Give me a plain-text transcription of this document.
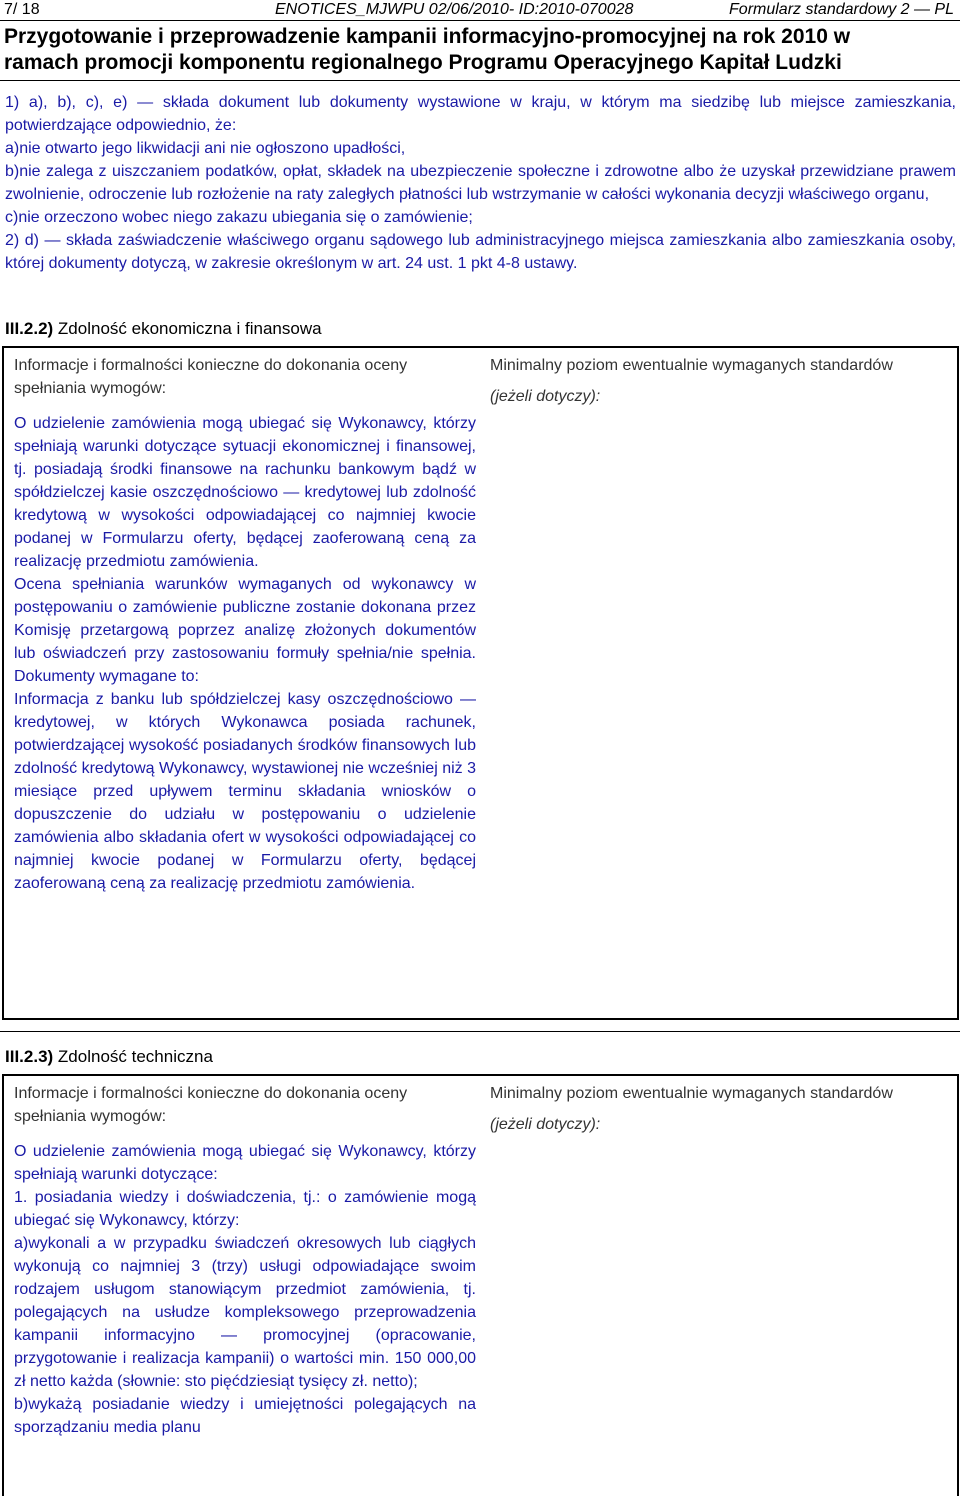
7/ 18	ENOTICES_MJWPU 02/06/2010- ID:2010-070028	Formularz standardowy 2 — PL
Przygotowanie i przeprowadzenie kampanii informacyjno-promocyjnej na rok 2010 w
ramach promocji komponentu regionalnego Programu Operacyjnego Kapitał Ludzki

1) a), b), c), e) — składa dokument lub dokumenty wystawione w kraju, w którym ma siedzibę lub miejsce zamieszkania, potwierdzające odpowiednio, że:

a)nie otwarto jego likwidacji ani nie ogłoszono upadłości,

b)nie zalega z uiszczaniem podatków, opłat, składek na ubezpieczenie społeczne i zdrowotne albo że uzyskał przewidziane prawem zwolnienie, odroczenie lub rozłożenie na raty zaległych płatności lub wstrzymanie w całości wykonania decyzji właściwego organu,

c)nie orzeczono wobec niego zakazu ubiegania się o zamówienie;

2) d) — składa zaświadczenie właściwego organu sądowego lub administracyjnego miejsca zamieszkania albo zamieszkania osoby, której dokumenty dotyczą, w zakresie określonym w art. 24 ust. 1 pkt 4-8 ustawy.

III.2.2) Zdolność ekonomiczna i finansowa

Informacje i formalności konieczne do dokonania oceny spełniania wymogów:

O udzielenie zamówienia mogą ubiegać się Wykonawcy, którzy spełniają warunki dotyczące sytuacji ekonomicznej i finansowej, tj. posiadają środki finansowe na rachunku bankowym bądź w spółdzielczej kasie oszczędnościowo — kredytowej lub zdolność kredytową w wysokości odpowiadającej co najmniej kwocie podanej w Formularzu oferty, będącej zaoferowaną ceną za realizację przedmiotu zamówienia.

Ocena spełniania warunków wymaganych od wykonawcy w postępowaniu o zamówienie publiczne zostanie dokonana przez Komisję przetargową poprzez analizę złożonych dokumentów lub oświadczeń przy zastosowaniu formuły spełnia/nie spełnia. Dokumenty wymagane to:

Informacja z banku lub spółdzielczej kasy oszczędnościowo — kredytowej, w których Wykonawca posiada rachunek, potwierdzającej wysokość posiadanych środków finansowych lub zdolność kredytową Wykonawcy, wystawionej nie wcześniej niż 3 miesiące przed upływem terminu składania wniosków o dopuszczenie do udziału w postępowaniu o udzielenie zamówienia albo składania ofert w wysokości odpowiadającej co najmniej kwocie podanej w Formularzu oferty, będącej zaoferowaną ceną za realizację przedmiotu zamówienia.

Minimalny poziom ewentualnie wymaganych standardów

(jeżeli dotyczy):

III.2.3) Zdolność techniczna

Informacje i formalności konieczne do dokonania oceny spełniania wymogów:

O udzielenie zamówienia mogą ubiegać się Wykonawcy, którzy spełniają warunki dotyczące:

1. posiadania wiedzy i doświadczenia, tj.: o zamówienie mogą ubiegać się Wykonawcy, którzy:

a)wykonali a w przypadku świadczeń okresowych lub ciągłych wykonują co najmniej 3 (trzy) usługi odpowiadające swoim rodzajem usługom stanowiącym przedmiot zamówienia, tj. polegających na usłudze kompleksowego przeprowadzenia kampanii informacyjno — promocyjnej (opracowanie, przygotowanie i realizacja kampanii) o wartości min. 150 000,00 zł netto każda (słownie: sto pięćdziesiąt tysięcy zł. netto);

b)wykażą posiadanie wiedzy i umiejętności polegających na sporządzaniu media planu

Minimalny poziom ewentualnie wymaganych standardów

(jeżeli dotyczy):
